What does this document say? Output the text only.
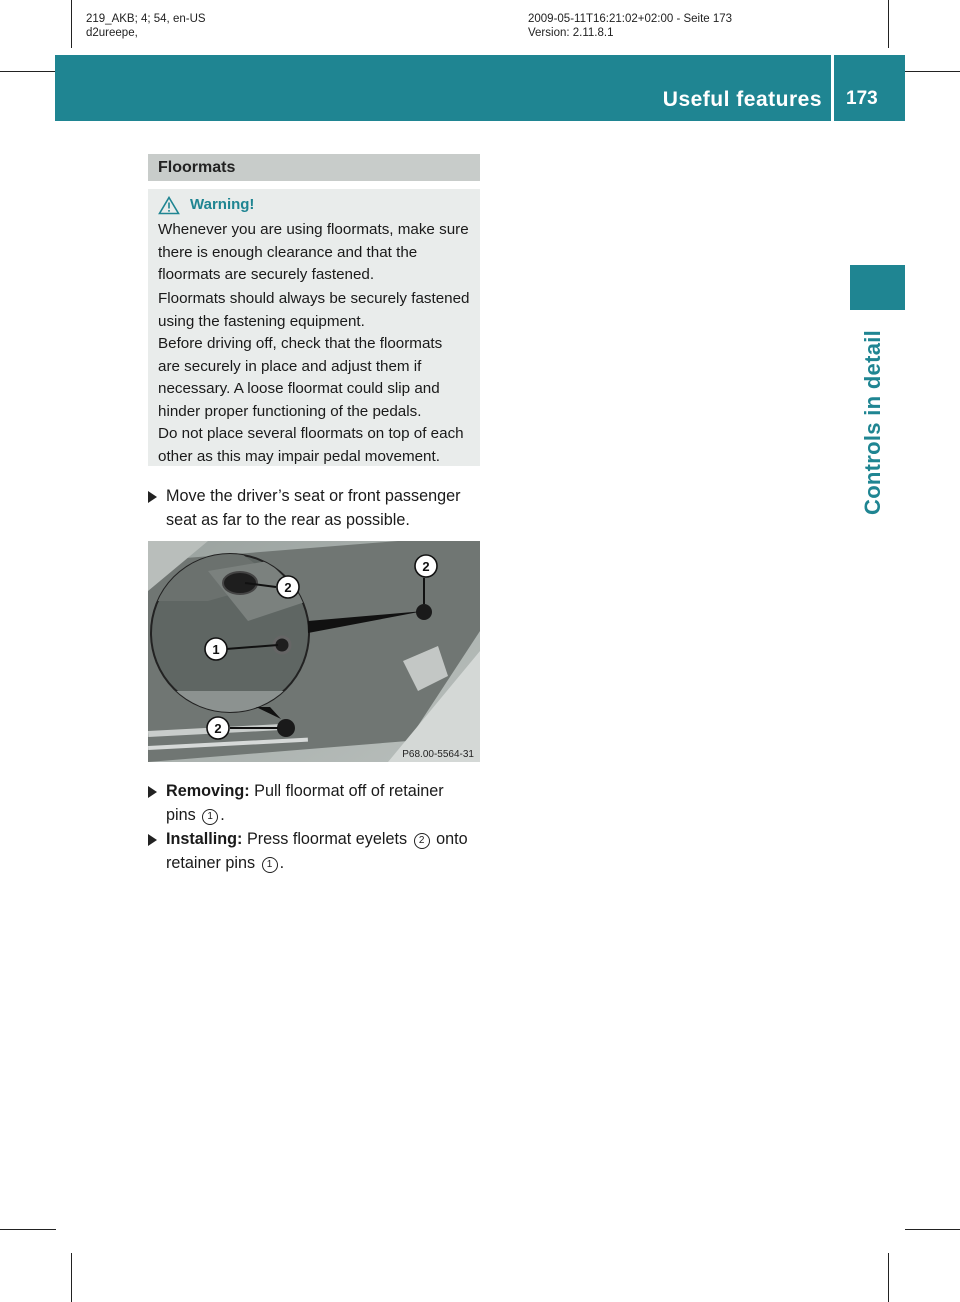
219_AKB; 4; 54, en-US
d2ureepe,
2009-05-11T16:21:02+02:00 - Seite 173
Version: 2.11.8.1
Useful features 173
Controls in detail
Floormats
Warning!
Whenever you are using floormats, make sure
there is enough clearance and that the
floormats are securely fastened.
Floormats should always be securely fastened
using the fastening equipment.
Before driving off, check that the floormats
are securely in place and adjust them if
necessary. A loose floormat could slip and
hinder proper functioning of the pedals.
Do not place several floormats on top of each
other as this may impair pedal movement.
Move the driver’s seat or front passenger
seat as far to the rear as possible.
2
1
2
2
P68.00-5564-31
Removing: Pull floormat off of retainer
pins 1 .
Installing: Press floormat eyelets 2 onto
retainer pins 1 .
